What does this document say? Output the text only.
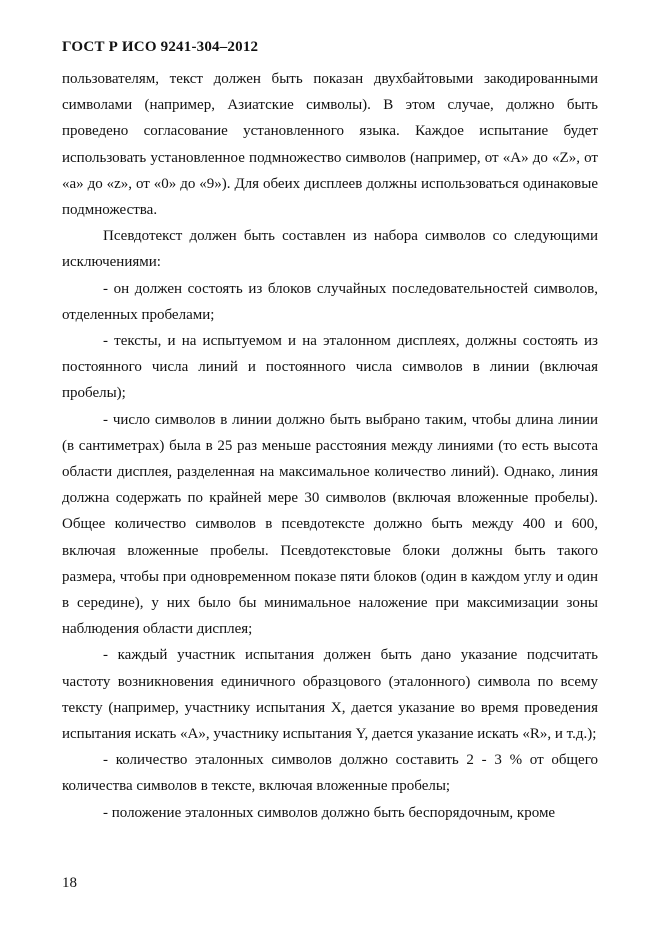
ГОСТ Р ИСО 9241-304–2012

пользователям, текст должен быть показан двухбайтовыми закодированными символами (например, Азиатские символы). В этом случае, должно быть проведено согласование установленного языка. Каждое испытание будет использовать установленное подмножество символов (например, от «A» до «Z», от «а» до «z», от «0» до «9»). Для обеих дисплеев должны использоваться одинаковые подмножества.

Псевдотекст должен быть составлен из набора символов со следующими исключениями:

- он должен состоять из блоков случайных последовательностей символов, отделенных пробелами;

- тексты, и на испытуемом и на эталонном дисплеях, должны состоять из постоянного числа линий и постоянного числа символов в линии (включая пробелы);

- число символов в линии должно быть выбрано таким, чтобы длина линии (в сантиметрах) была в 25 раз меньше расстояния между линиями (то есть высота области дисплея, разделенная на максимальное количество линий). Однако, линия должна содержать по крайней мере 30 символов (включая вложенные пробелы). Общее количество символов в псевдотексте должно быть между 400 и 600, включая вложенные пробелы. Псевдотекстовые блоки должны быть такого размера, чтобы при одновременном показе пяти блоков (один в каждом углу и один в середине), у них было бы минимальное наложение при максимизации зоны наблюдения области дисплея;

- каждый участник испытания должен быть дано указание подсчитать частоту возникновения единичного образцового (эталонного) символа по всему тексту (например, участнику испытания X, дается указание во время проведения испытания искать «A», участнику испытания Y, дается указание искать «R», и т.д.);

- количество эталонных символов должно составить 2 - 3 % от общего количества символов в тексте, включая вложенные пробелы;

- положение эталонных символов должно быть беспорядочным, кроме

18
